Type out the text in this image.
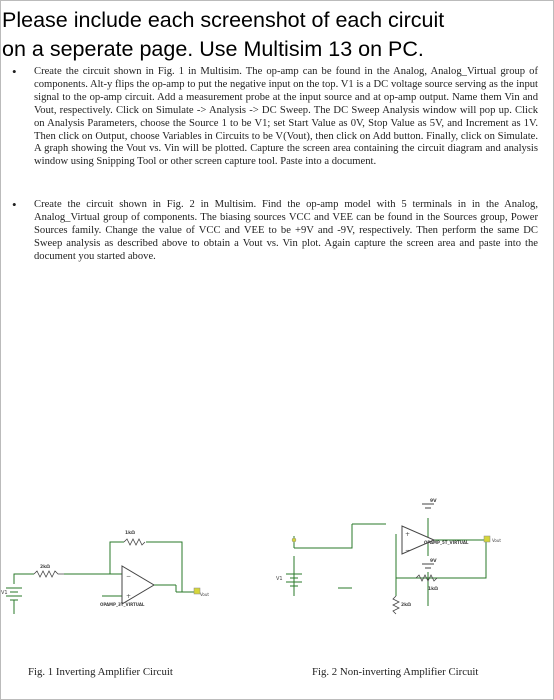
Please include each screenshot of each circuit
on a seperate page. Use Multisim 13 on PC.
• Create the circuit shown in Fig. 1 in Multisim. The op-amp can be found in the Analog, Analog_Virtual group of components. Alt-y flips the op-amp to put the negative input on the top. V1 is a DC voltage source serving as the input signal to the op-amp circuit. Add a measurement probe at the input source and at op-amp output. Name them Vin and Vout, respectively. Click on Simulate -> Analysis -> DC Sweep. The DC Sweep Analysis window will pop up. Click on Analysis Parameters, choose the Source 1 to be V1; set Start Value as 0V, Stop Value as 5V, and Increment as 1V. Then click on Output, choose Variables in Circuits to be V(Vout), then click on Add button. Finally, click on Simulate. A graph showing the Vout vs. Vin will be plotted. Capture the screen area containing the circuit diagram and analysis window using Snipping Tool or other screen capture tool. Paste into a document.
• Create the circuit shown in Fig. 2 in Multisim. Find the op-amp model with 5 terminals in in the Analog, Analog_Virtual group of components. The biasing sources VCC and VEE can be found in the Sources group, Power Sources family. Change the value of VCC and VEE to be +9V and -9V, respectively. Then perform the same DC Sweep analysis as described above to obtain a Vout vs. Vin plot. Again capture the screen area and paste into the document you started above.
V1
2kΩ
1kΩ
−
+
OPAMP_3T_VIRTUAL
Vout
V1
+
−
OPAMP_5T_VIRTUAL
9V
9V
1kΩ
2kΩ
Vout
Fig. 1 Inverting Amplifier Circuit	Fig. 2 Non-inverting Amplifier Circuit
